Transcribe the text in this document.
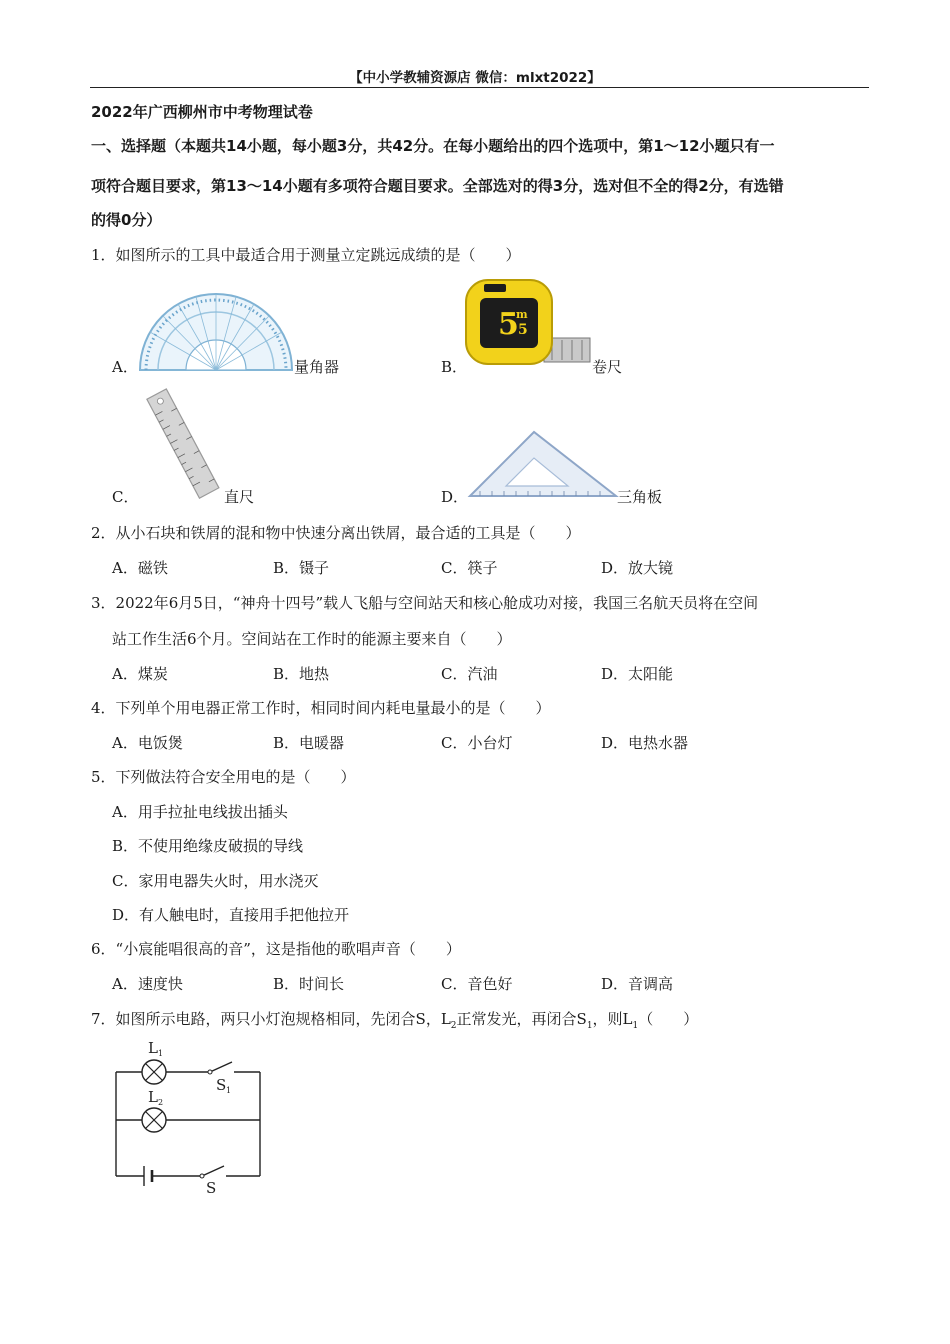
【中小学教辅资源店 微信：mlxt2022】
2022年广西柳州市中考物理试卷
一、选择题（本题共14小题，每小题3分，共42分。在每小题给出的四个选项中，第1～12小题只有一
项符合题目要求，第13～14小题有多项符合题目要求。全部选对的得3分，选对但不全的得2分，有选错
的得0分）
1．如图所示的工具中最适合用于测量立定跳远成绩的是（　　）
A．	量角器	B．
5
m
5
卷尺
C．	直尺	D．	三角板
2．从小石块和铁屑的混和物中快速分离出铁屑，最合适的工具是（　　）
A．磁铁	B．镊子	C．筷子	D．放大镜
3．2022年6月5日，“神舟十四号”载人飞船与空间站天和核心舱成功对接，我国三名航天员将在空间
站工作生活6个月。空间站在工作时的能源主要来自（　　）
A．煤炭	B．地热	C．汽油	D．太阳能
4．下列单个用电器正常工作时，相同时间内耗电量最小的是（　　）
A．电饭煲	B．电暖器	C．小台灯	D．电热水器
5．下列做法符合安全用电的是（　　）
A．用手拉扯电线拔出插头
B．不使用绝缘皮破损的导线
C．家用电器失火时，用水浇灭
D．有人触电时，直接用手把他拉开
6．“小宸能唱很高的音”，这是指他的歌唱声音（　　）
A．速度快	B．时间长	C．音色好	D．音调高
7．如图所示电路，两只小灯泡规格相同，先闭合S，$L_2$正常发光，再闭合$S_1$，则$L_1$（　　）
L 1
L 2
S 1
S
